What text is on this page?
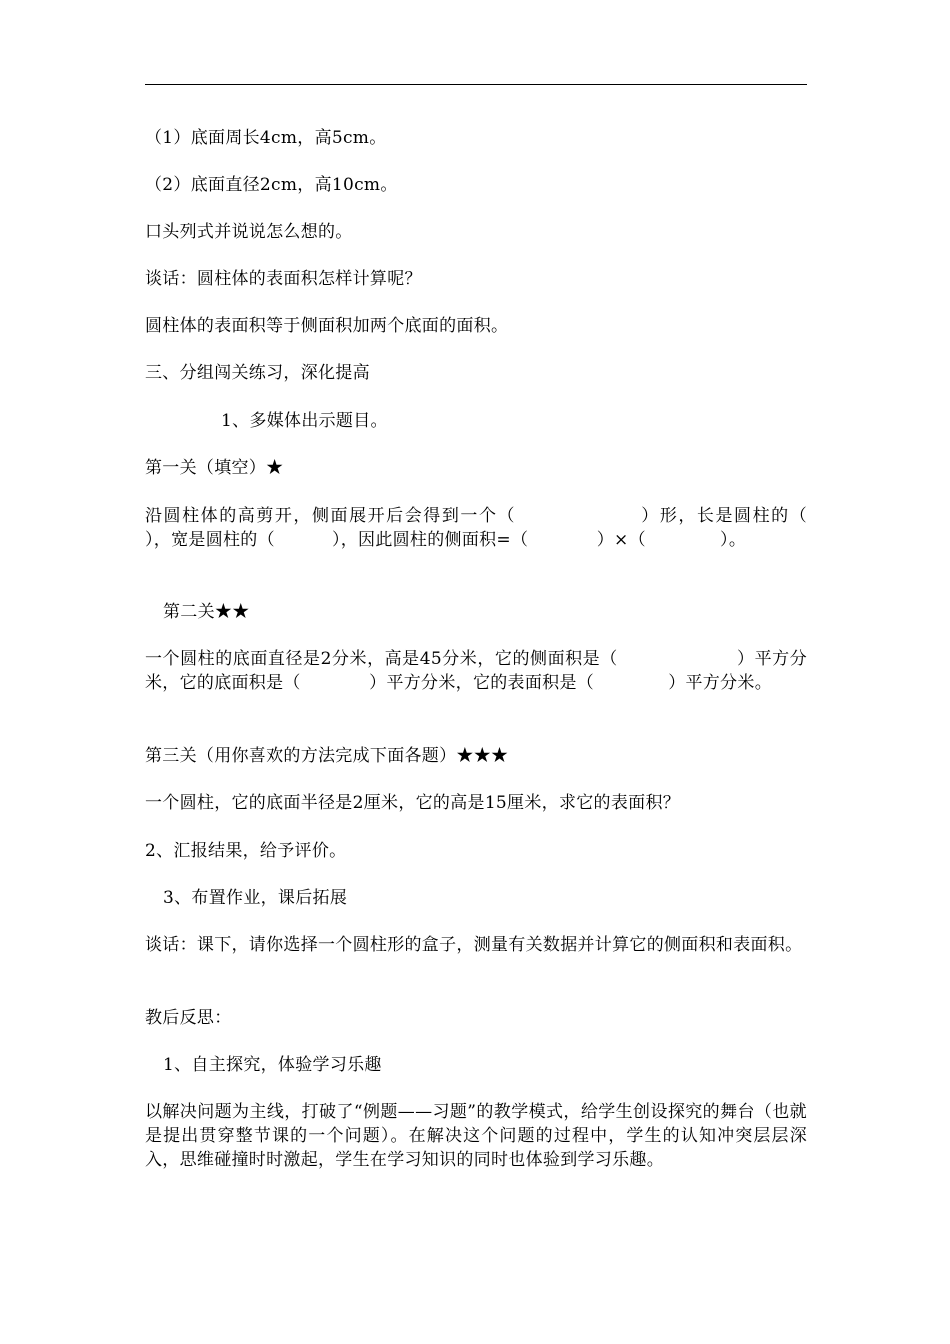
（1）底面周长4cm，高5cm。

（2）底面直径2cm，高10cm。

口头列式并说说怎么想的。

谈话：圆柱体的表面积怎样计算呢？

圆柱体的表面积等于侧面积加两个底面的面积。

三、分组闯关练习，深化提高

1、多媒体出示题目。

第一关（填空）★

沿圆柱体的高剪开，侧面展开后会得到一个（                  ）形，长是圆柱的（            ），宽是圆柱的（          ），因此圆柱的侧面积=（            ）×（             ）。

第二关★★

一个圆柱的底面直径是2分米，高是45分米，它的侧面积是（                    ）平方分米，它的底面积是（            ）平方分米，它的表面积是（             ）平方分米。

第三关（用你喜欢的方法完成下面各题）★★★

一个圆柱，它的底面半径是2厘米，它的高是15厘米，求它的表面积？

2、汇报结果，给予评价。

3、布置作业，课后拓展

谈话：课下，请你选择一个圆柱形的盒子，测量有关数据并计算它的侧面积和表面积。

教后反思：

1、自主探究，体验学习乐趣

以解决问题为主线，打破了“例题——习题”的教学模式，给学生创设探究的舞台（也就是提出贯穿整节课的一个问题）。在解决这个问题的过程中，学生的认知冲突层层深入，思维碰撞时时激起，学生在学习知识的同时也体验到学习乐趣。
